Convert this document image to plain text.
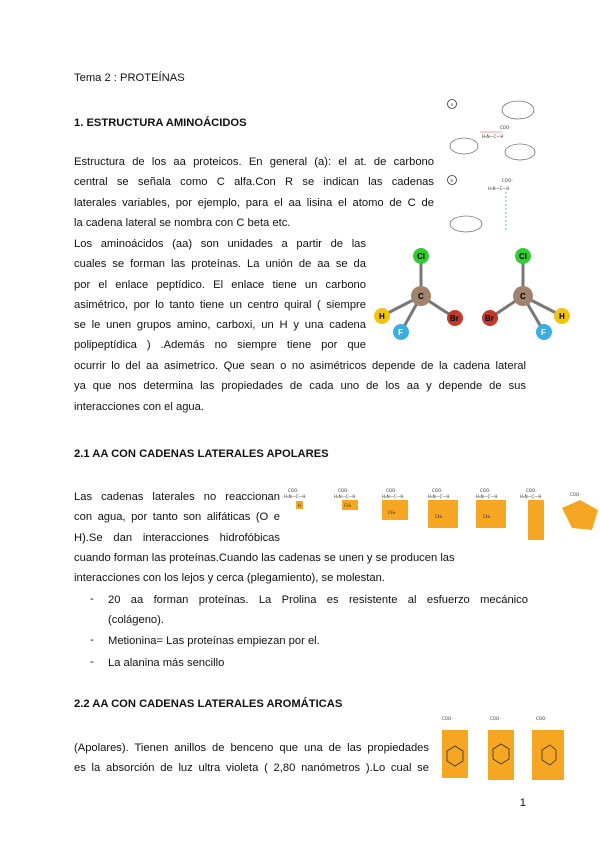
Tema 2 : PROTEÍNAS
1. ESTRUCTURA AMINOÁCIDOS
Estructura de los aa proteicos. En general (a): el at. de carbono
central se señala como C alfa.Con R se indican las cadenas
laterales variables, por ejemplo, para el aa lisina el atomo de C de
la cadena lateral se nombra con C beta etc.
Los aminoácidos (aa) son unidades a partir de las
cuales se forman las proteínas. La unión de aa se da
por el enlace peptídico. El enlace tiene un carbono
asimétrico, por lo tanto tiene un centro quiral ( siempre
se le unen grupos amino, carboxi, un H y una cadena
polipeptídica ) .Además no siempre tiene por que
ocurrir lo del aa asimetrico. Que sean o no asimétricos depende de la cadena lateral
ya que nos determina las propiedades de cada uno de los aa y depende de sus
interacciones con el agua.
a
COO⁻
H₃N—C—H
b	COO⁻
H₃N—C—H
Cl
C
Br
H
F
Cl
C
Br	H
F
2.1 AA CON CADENAS LATERALES APOLARES
Las cadenas laterales no reaccionan
con agua, por tanto son alifáticas (O e
H).Se dan interacciones hidrofóbicas
cuando forman las proteínas.Cuando las cadenas se unen y se producen las
interacciones con los lejos y cerca (plegamiento), se molestan.
COO⁻
H₃N—C—H
H
COO⁻
H₃N—C—H
CH₃
COO⁻
H₃N—C—H
CH₃
COO⁻
H₃N—C—H
CH₃
COO⁻
H₃N—C—H
CH₃
COO⁻
H₃N—C—H	COO⁻
- 20 aa forman proteínas. La Prolina es resistente al esfuerzo mecánico
(colágeno).
- Metionina= Las proteínas empiezan por el.
- La alanina más sencillo
2.2 AA CON CADENAS LATERALES AROMÁTICAS
(Apolares). Tienen anillos de benceno que una de las propiedades
es la absorción de luz ultra violeta ( 2,80 nanómetros ).Lo cual se
COO⁻	COO⁻	COO⁻
1
